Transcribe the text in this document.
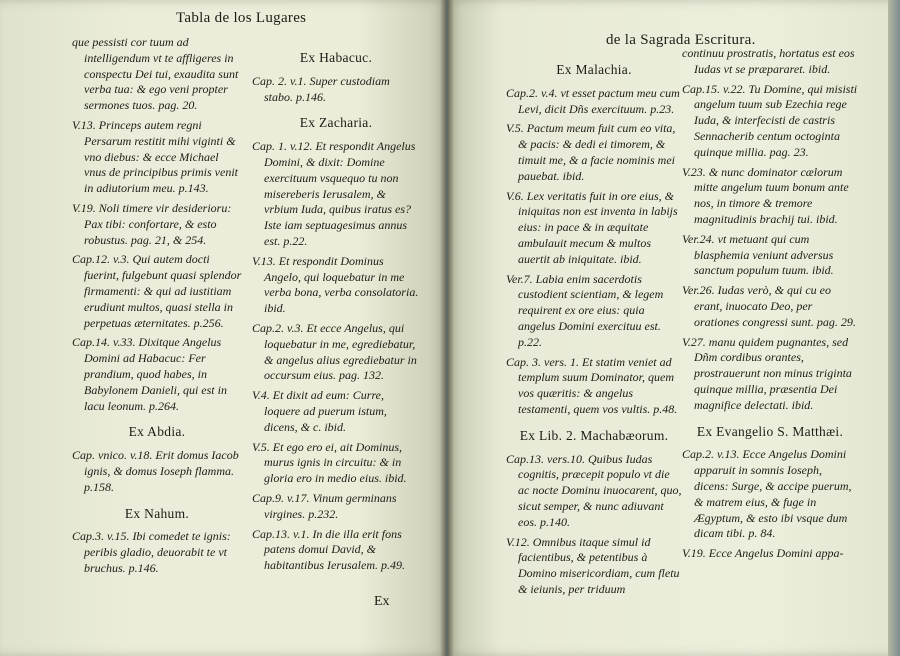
Tabla de los Lugares

que pessisti cor tuum ad intelligendum vt te affligeres in conspectu Dei tui, exaudita sunt verba tua: & ego veni propter sermones tuos. pag. 20.

V.13. Princeps autem regni Persarum restitit mihi viginti & vno diebus: & ecce Michael vnus de principibus primis venit in adiutorium meu. p.143.

V.19. Noli timere vir desiderioru: Pax tibi: confortare, & esto robustus. pag. 21, & 254.

Cap.12. v.3. Qui autem docti fuerint, fulgebunt quasi splendor firmamenti: & qui ad iustitiam erudiunt multos, quasi stella in perpetuas æternitates. p.256.

Cap.14. v.33. Dixitque Angelus Domini ad Habacuc: Fer prandium, quod habes, in Babylonem Danieli, qui est in lacu leonum. p.264.

Ex Abdia.

Cap. vnico. v.18. Erit domus Iacob ignis, & domus Ioseph flamma. p.158.

Ex Nahum.

Cap.3. v.15. Ibi comedet te ignis: peribis gladio, deuorabit te vt bruchus. p.146.

Ex Habacuc.

Cap. 2. v.1. Super custodiam stabo. p.146.

Ex Zacharia.

Cap. 1. v.12. Et respondit Angelus Domini, & dixit: Domine exercituum vsquequo tu non misereberis Ierusalem, & vrbium Iuda, quibus iratus es? Iste iam septuagesimus annus est. p.22.

V.13. Et respondit Dominus Angelo, qui loquebatur in me verba bona, verba consolatoria. ibid.

Cap.2. v.3. Et ecce Angelus, qui loquebatur in me, egrediebatur, & angelus alius egrediebatur in occursum eius. pag. 132.

V.4. Et dixit ad eum: Curre, loquere ad puerum istum, dicens, & c. ibid.

V.5. Et ego ero ei, ait Dominus, murus ignis in circuitu: & in gloria ero in medio eius. ibid.

Cap.9. v.17. Vinum germinans virgines. p.232.

Cap.13. v.1. In die illa erit fons patens domui David, & habitantibus Ierusalem. p.49.

Ex
de la Sagrada Escritura.

Ex Malachia.

Cap.2. v.4. vt esset pactum meu cum Levi, dicit Dñs exercituum. p.23.

V.5. Pactum meum fuit cum eo vita, & pacis: & dedi ei timorem, & timuit me, & a facie nominis mei pauebat. ibid.

V.6. Lex veritatis fuit in ore eius, & iniquitas non est inventa in labijs eius: in pace & in æquitate ambulauit mecum & multos auertit ab iniquitate. ibid.

Ver.7. Labia enim sacerdotis custodient scientiam, & legem requirent ex ore eius: quia angelus Domini exercituu est. p.22.

Cap. 3. vers. 1. Et statim veniet ad templum suum Dominator, quem vos quæritis: & angelus testamenti, quem vos vultis. p.48.

Ex Lib. 2. Machabæorum.

Cap.13. vers.10. Quibus Iudas cognitis, præcepit populo vt die ac nocte Dominu inuocarent, quo, sicut semper, & nunc adiuvant eos. p.140.

V.12. Omnibus itaque simul id facientibus, & petentibus à Domino misericordiam, cum fletu & ieiunis, per triduum

continuu prostratis, hortatus est eos Iudas vt se præpararet. ibid.

Cap.15. v.22. Tu Domine, qui misisti angelum tuum sub Ezechia rege Iuda, & interfecisti de castris Sennacherib centum octoginta quinque millia. pag. 23.

V.23. & nunc dominator cælorum mitte angelum tuum bonum ante nos, in timore & tremore magnitudinis brachij tui. ibid.

Ver.24. vt metuant qui cum blasphemia veniunt adversus sanctum populum tuum. ibid.

Ver.26. Iudas verò, & qui cu eo erant, inuocato Deo, per orationes congressi sunt. pag. 29.

V.27. manu quidem pugnantes, sed Dñm cordibus orantes, prostrauerunt non minus triginta quinque millia, præsentia Dei magnifice delectati. ibid.

Ex Evangelio S. Matthæi.

Cap.2. v.13. Ecce Angelus Domini apparuit in somnis Ioseph, dicens: Surge, & accipe puerum, & matrem eius, & fuge in Ægyptum, & esto ibi vsque dum dicam tibi. p. 84.

V.19. Ecce Angelus Domini appa-
